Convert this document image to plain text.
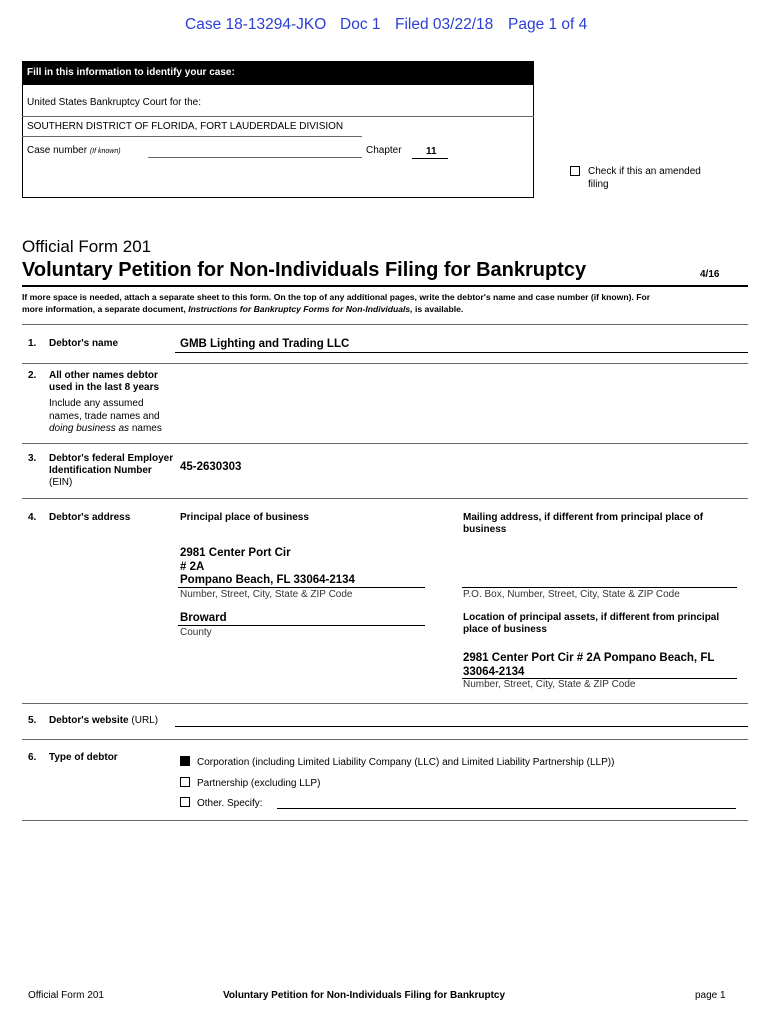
Case 18-13294-JKO Doc 1 Filed 03/22/18 Page 1 of 4
Fill in this information to identify your case:
United States Bankruptcy Court for the:
SOUTHERN DISTRICT OF FLORIDA, FORT LAUDERDALE DIVISION
Case number (If known)	Chapter 11
Check if this an amended
filing
Official Form 201
Voluntary Petition for Non-Individuals Filing for Bankruptcy	4/16
If more space is needed, attach a separate sheet to this form. On the top of any additional pages, write the debtor's name and case number (if known). For
more information, a separate document, Instructions for Bankruptcy Forms for Non-Individuals, is available.
1. Debtor's name	GMB Lighting and Trading LLC
2. All other names debtor
used in the last 8 years
Include any assumed
names, trade names and
doing business as names
3. Debtor's federal Employer
Identification Number
(EIN)
45-2630303
4. Debtor's address	Principal place of business	Mailing address, if different from principal place of
business
2981 Center Port Cir
# 2A
Pompano Beach, FL 33064-2134
Number, Street, City, State & ZIP Code	P.O. Box, Number, Street, City, State & ZIP Code
Broward
County
Location of principal assets, if different from principal
place of business
2981 Center Port Cir # 2A Pompano Beach, FL
33064-2134
Number, Street, City, State & ZIP Code
5. Debtor's website (URL)
6. Type of debtor	Corporation (including Limited Liability Company (LLC) and Limited Liability Partnership (LLP))
Partnership (excluding LLP)
Other. Specify:
Official Form 201	Voluntary Petition for Non-Individuals Filing for Bankruptcy	page 1
